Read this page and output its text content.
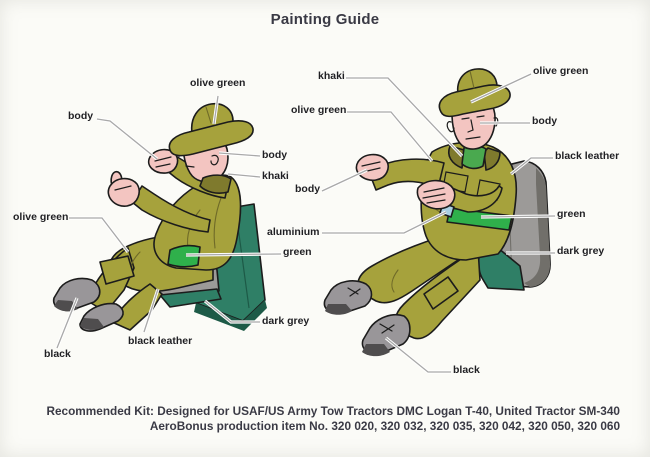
Painting Guide
olive green
body
body
khaki
olive green
green
dark grey
black leather
black
khaki
olive green
body
aluminium
olive green
body
black leather
green
dark grey
black
Recommended Kit: Designed for USAF/US Army Tow Tractors DMC Logan T-40, United Tractor SM-340
AeroBonus production item No. 320 020, 320 032, 320 035, 320 042, 320 050, 320 060
